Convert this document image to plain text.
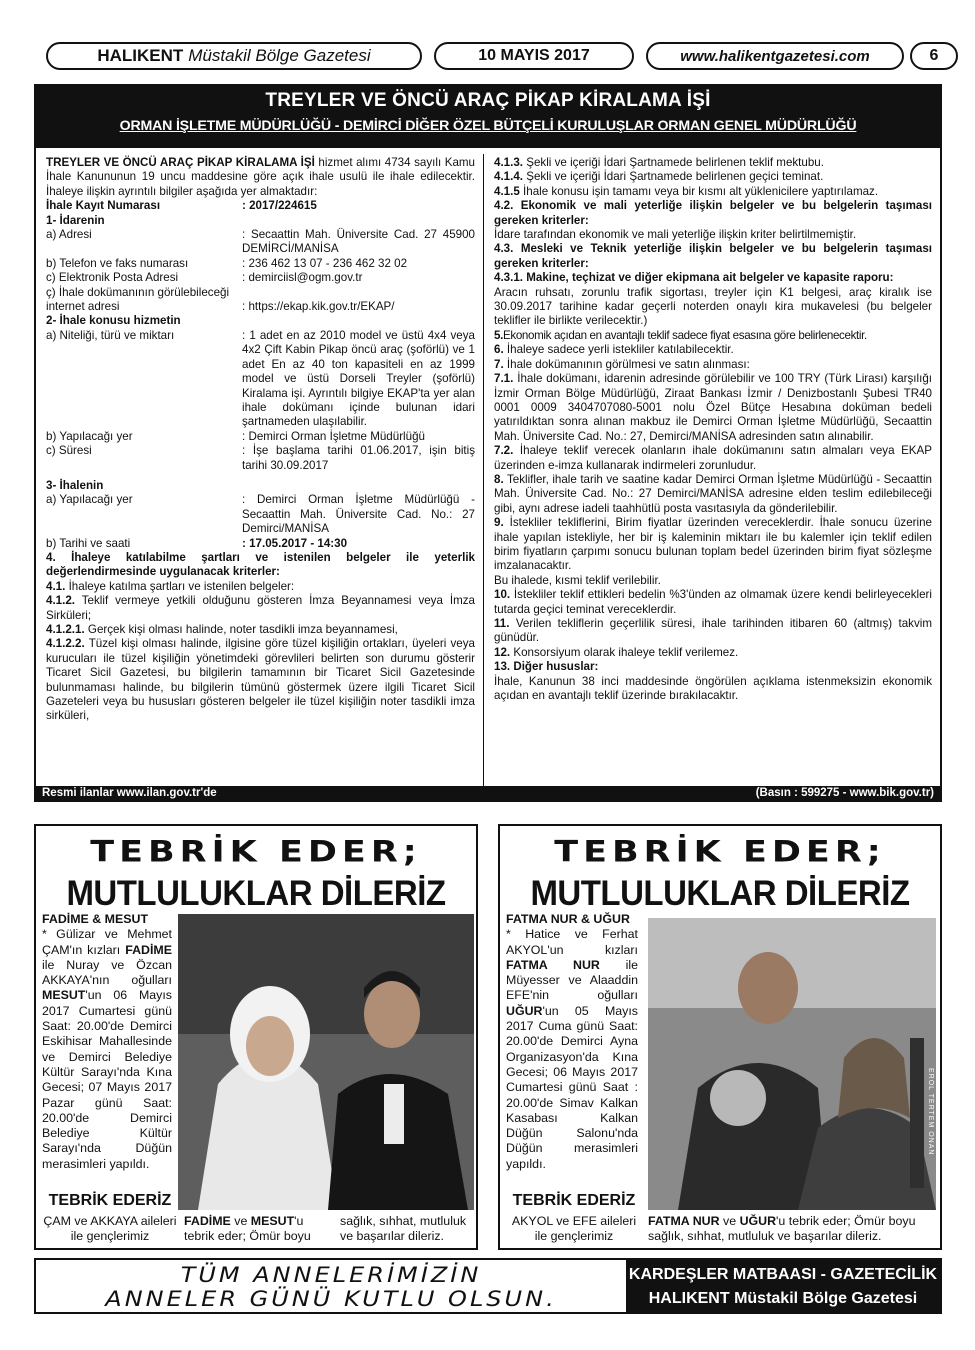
HALIKENT Müstakil Bölge Gazetesi	10 MAYIS 2017	www.halikentgazetesi.com	6
TREYLER VE ÖNCÜ ARAÇ PİKAP KİRALAMA İŞİ
ORMAN İŞLETME MÜDÜRLÜĞÜ - DEMİRCİ DİĞER ÖZEL BÜTÇELİ KURULUŞLAR ORMAN GENEL MÜDÜRLÜĞÜ

TREYLER VE ÖNCÜ ARAÇ PİKAP KİRALAMA İŞİ hizmet alımı 4734 sayılı Kamu İhale Kanununun 19 uncu maddesine göre açık ihale usulü ile ihale edilecektir. İhaleye ilişkin ayrıntılı bilgiler aşağıda yer almaktadır:

İhale Kayıt Numarası	: 2017/224615

1- İdarenin

a) Adresi	: Secaattin Mah. Üniversite Cad. 27 45900 DEMİRCİ/MANİSA
b) Telefon ve faks numarası	: 236 462 13 07 - 236 462 32 02
c) Elektronik Posta Adresi	: demirciisl@ogm.gov.tr
ç) İhale dokümanının görülebileceği internet adresi	: https://ekap.kik.gov.tr/EKAP/

2- İhale konusu hizmetin

a) Niteliği, türü ve miktarı	: 1 adet en az 2010 model ve üstü 4x4 veya 4x2 Çift Kabin Pikap öncü araç (şoförlü) ve 1 adet En az 40 ton kapasiteli en az 1999 model ve üstü Dorseli Treyler (şoförlü) Kiralama işi. Ayrıntılı bilgiye EKAP'ta yer alan ihale dokümanı içinde bulunan idari şartnameden ulaşılabilir.
b) Yapılacağı yer	: Demirci Orman İşletme Müdürlüğü
c) Süresi	: İşe başlama tarihi 01.06.2017, işin bitiş tarihi 30.09.2017

3- İhalenin

a) Yapılacağı yer	: Demirci Orman İşletme Müdürlüğü - Secaattin Mah. Üniversite Cad. No.: 27 Demirci/MANİSA
b) Tarihi ve saati	: 17.05.2017 - 14:30

4. İhaleye katılabilme şartları ve istenilen belgeler ile yeterlik değerlendirmesinde uygulanacak kriterler:

4.1. İhaleye katılma şartları ve istenilen belgeler:

4.1.2. Teklif vermeye yetkili olduğunu gösteren İmza Beyannamesi veya İmza Sirküleri;

4.1.2.1. Gerçek kişi olması halinde, noter tasdikli imza beyannamesi,

4.1.2.2. Tüzel kişi olması halinde, ilgisine göre tüzel kişiliğin ortakları, üyeleri veya kurucuları ile tüzel kişiliğin yönetimdeki görevlileri belirten son durumu gösterir Ticaret Sicil Gazetesi, bu bilgilerin tamamının bir Ticaret Sicil Gazetesinde bulunmaması halinde, bu bilgilerin tümünü göstermek üzere ilgili Ticaret Sicil Gazeteleri veya bu hususları gösteren belgeler ile tüzel kişiliğin noter tasdikli imza sirküleri,

4.1.3. Şekli ve içeriği İdari Şartnamede belirlenen teklif mektubu.

4.1.4. Şekli ve içeriği İdari Şartnamede belirlenen geçici teminat.

4.1.5 İhale konusu işin tamamı veya bir kısmı alt yüklenicilere yaptırılamaz.

4.2. Ekonomik ve mali yeterliğe ilişkin belgeler ve bu belgelerin taşıması gereken kriterler:

İdare tarafından ekonomik ve mali yeterliğe ilişkin kriter belirtilmemiştir.

4.3. Mesleki ve Teknik yeterliğe ilişkin belgeler ve bu belgelerin taşıması gereken kriterler:

4.3.1. Makine, teçhizat ve diğer ekipmana ait belgeler ve kapasite raporu:

Aracın ruhsatı, zorunlu trafik sigortası, treyler için K1 belgesi, araç kiralık ise 30.09.2017 tarihine kadar geçerli noterden onaylı kira mukavelesi (bu belgeler teklifler ile birlikte verilecektir.)

5.Ekonomik açıdan en avantajlı teklif sadece fiyat esasına göre belirlenecektir.

6. İhaleye sadece yerli istekliler katılabilecektir.

7. İhale dokümanının görülmesi ve satın alınması:

7.1. İhale dokümanı, idarenin adresinde görülebilir ve 100 TRY (Türk Lirası) karşılığı İzmir Orman Bölge Müdürlüğü, Ziraat Bankası İzmir / Denizbostanlı Şubesi TR40 0001 0009 3404707080-5001 nolu Özel Bütçe Hesabına doküman bedeli yatırıldıktan sonra alınan makbuz ile Demirci Orman İşletme Müdürlüğü, Secaattin Mah. Üniversite Cad. No.: 27, Demirci/MANİSA adresinden satın alınabilir.

7.2. İhaleye teklif verecek olanların ihale dokümanını satın almaları veya EKAP üzerinden e-imza kullanarak indirmeleri zorunludur.

8. Teklifler, ihale tarih ve saatine kadar Demirci Orman İşletme Müdürlüğü - Secaattin Mah. Üniversite Cad. No.: 27 Demirci/MANİSA adresine elden teslim edilebileceği gibi, aynı adrese iadeli taahhütlü posta vasıtasıyla da gönderilebilir.

9. İstekliler tekliflerini, Birim fiyatlar üzerinden vereceklerdir. İhale sonucu üzerine ihale yapılan istekliyle, her bir iş kaleminin miktarı ile bu kalemler için teklif edilen birim fiyatların çarpımı sonucu bulunan toplam bedel üzerinden birim fiyat sözleşme imzalanacaktır.

Bu ihalede, kısmi teklif verilebilir.

10. İstekliler teklif ettikleri bedelin %3'ünden az olmamak üzere kendi belirleyecekleri tutarda geçici teminat vereceklerdir.

11. Verilen tekliflerin geçerlilik süresi, ihale tarihinden itibaren 60 (altmış) takvim günüdür.

12. Konsorsiyum olarak ihaleye teklif verilemez.

13. Diğer hususlar:

İhale, Kanunun 38 inci maddesinde öngörülen açıklama istenmeksizin ekonomik açıdan en avantajlı teklif üzerinde bırakılacaktır.

Resmi ilanlar www.ilan.gov.tr'de	(Basın : 599275 - www.bik.gov.tr)
TEBRİK EDER;
MUTLULUKLAR DİLERİZ
FADİME & MESUT
* Gülizar ve Mehmet ÇAM'ın kızları FADİME ile Nuray ve Özcan AKKAYA'nın oğulları MESUT'un 06 Mayıs 2017 Cumartesi günü Saat: 20.00'de Demirci Eskihisar Mahallesinde ve Demirci Belediye Kültür Sarayı'nda Kına Gecesi; 07 Mayıs 2017 Pazar günü Saat: 20.00'de Demirci Belediye Kültür Sarayı'nda Düğün merasimleri yapıldı.
TEBRİK EDERİZ
ÇAM ve AKKAYA aileleri ile gençlerimiz
FADİME ve MESUT'u tebrik eder; Ömür boyu
sağlık, sıhhat, mutluluk ve başarılar dileriz.
TEBRİK EDER;
MUTLULUKLAR DİLERİZ
FATMA NUR & UĞUR
* Hatice ve Ferhat AKYOL'un kızları FATMA NUR ile Müyesser ve Alaaddin EFE'nin oğulları UĞUR'un 05 Mayıs 2017 Cuma günü Saat: 20.00'de Demirci Ayna Organizasyon'da Kına Gecesi; 06 Mayıs 2017 Cumartesi günü Saat : 20.00'de Simav Kalkan Kasabası Kalkan Düğün Salonu'nda Düğün merasimleri yapıldı.
EROL TERTEM ONAN
TEBRİK EDERİZ
AKYOL ve EFE aileleri ile gençlerimiz
FATMA NUR ve UĞUR'u tebrik eder; Ömür boyu sağlık, sıhhat, mutluluk ve başarılar dileriz.
TÜM ANNELERİMİZİN
ANNELER GÜNÜ KUTLU OLSUN.
KARDEŞLER MATBAASI - GAZETECİLİK
HALIKENT Müstakil Bölge Gazetesi
